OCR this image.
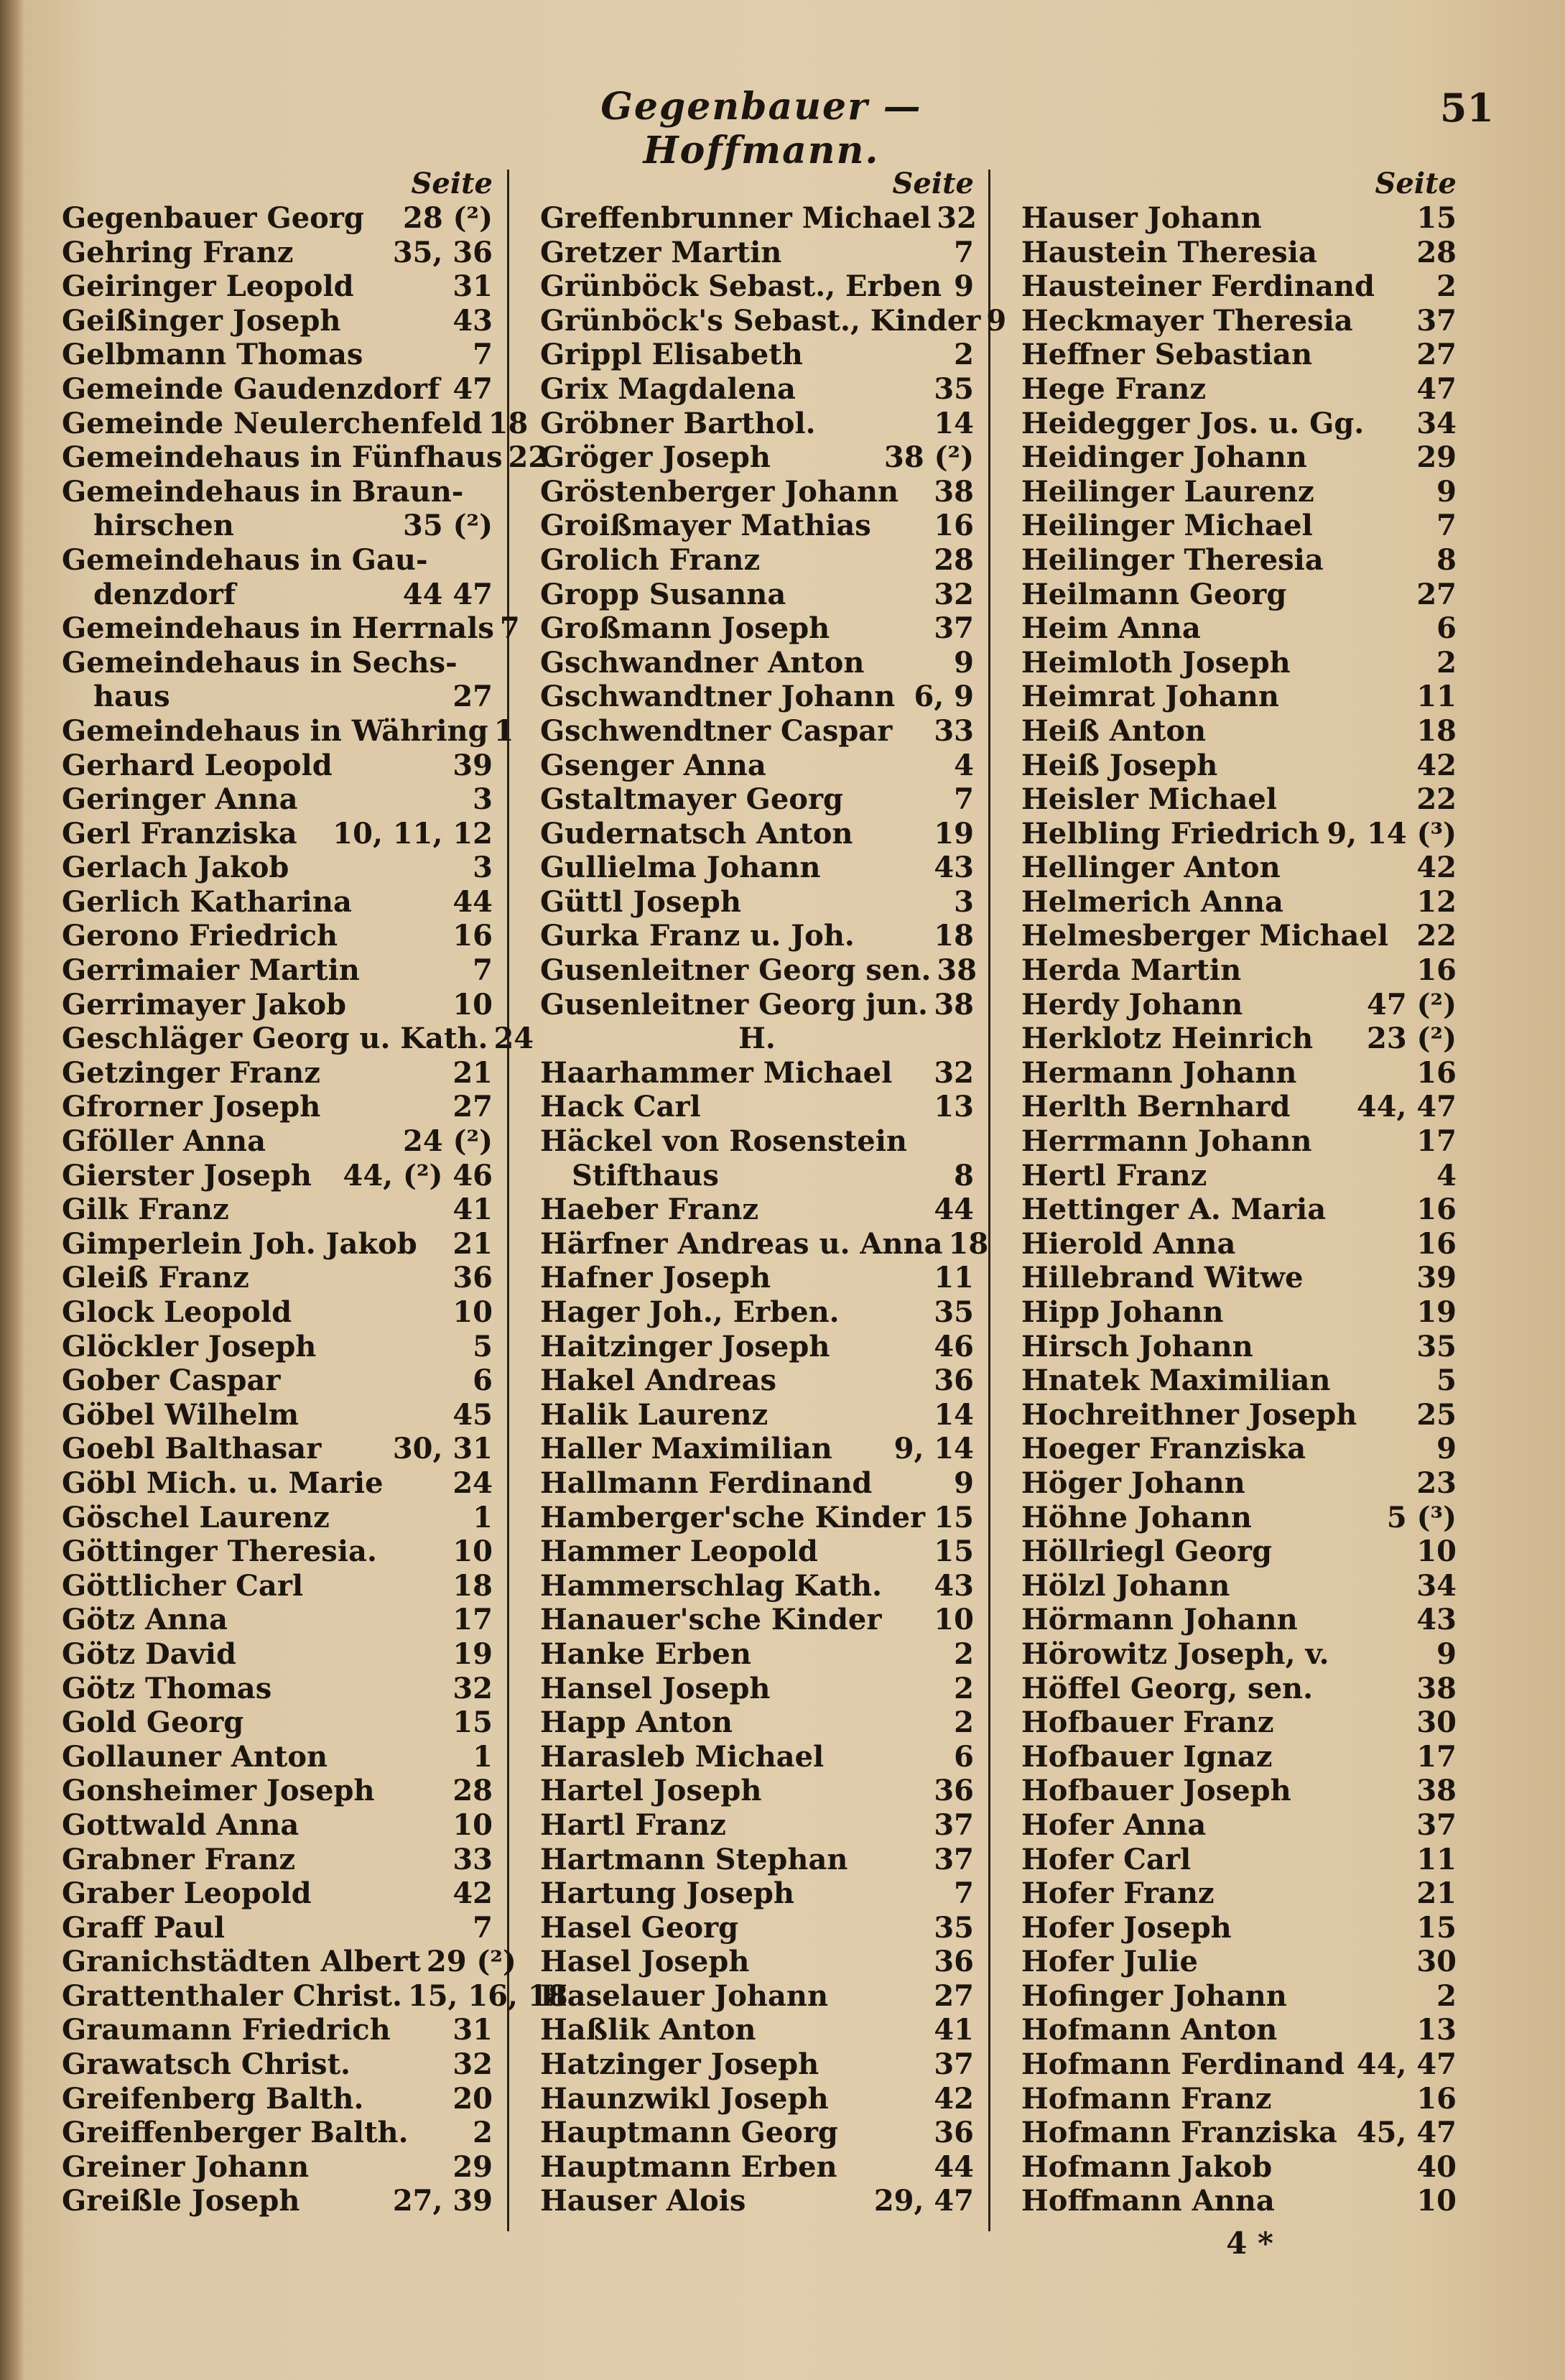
Gegenbauer — Hoffmann.
51
Seite
Gegenbauer Georg 28 (²)
Gehring Franz	35, 36
Geiringer Leopold	31
Geißinger Joseph	43
Gelbmann Thomas	7
Gemeinde Gaudenzdorf 47
Gemeinde Neulerchenfeld 18
Gemeindehaus in Fünfhaus 22
Gemeindehaus in Braun-
hirschen	35 (²)
Gemeindehaus in Gau-
denzdorf	44 47
Gemeindehaus in Herrnals 7
Gemeindehaus in Sechs-
haus	27
Gemeindehaus in Währing 1
Gerhard Leopold	39
Geringer Anna	3
Gerl Franziska 10, 11, 12
Gerlach Jakob	3
Gerlich Katharina	44
Gerono Friedrich	16
Gerrimaier Martin	7
Gerrimayer Jakob	10
Geschläger Georg u. Kath. 24
Getzinger Franz	21
Gfrorner Joseph	27
Gföller Anna	24 (²)
Gierster Joseph 44, (²) 46
Gilk Franz	41
Gimperlein Joh. Jakob 21
Gleiß Franz	36
Glock Leopold	10
Glöckler Joseph	5
Gober Caspar	6
Göbel Wilhelm	45
Goebl Balthasar 30, 31
Göbl Mich. u. Marie 24
Göschel Laurenz	1
Göttinger Theresia.	10
Göttlicher Carl	18
Götz Anna	17
Götz David	19
Götz Thomas	32
Gold Georg	15
Gollauner Anton	1
Gonsheimer Joseph	28
Gottwald Anna	10
Grabner Franz	33
Graber Leopold	42
Graff Paul	7
Granichstädten Albert 29 (²)
Grattenthaler Christ. 15, 16, 18
Graumann Friedrich 31
Grawatsch Christ.	32
Greifenberg Balth.	20
Greiffenberger Balth. 2
Greiner Johann	29
Greißle Joseph	27, 39
Seite
Greffenbrunner Michael 32
Gretzer Martin	7
Grünböck Sebast., Erben 9
Grünböck's Sebast., Kinder 9
Grippl Elisabeth	2
Grix Magdalena	35
Gröbner Barthol.	14
Gröger Joseph	38 (²)
Gröstenberger Johann 38
Groißmayer Mathias 16
Grolich Franz	28
Gropp Susanna	32
Großmann Joseph	37
Gschwandner Anton	9
Gschwandtner Johann 6, 9
Gschwendtner Caspar 33
Gsenger Anna	4
Gstaltmayer Georg	7
Gudernatsch Anton	19
Gullielma Johann	43
Güttl Joseph	3
Gurka Franz u. Joh.	18
Gusenleitner Georg sen. 38
Gusenleitner Georg jun. 38
H.
Haarhammer Michael 32
Hack Carl	13
Häckel von Rosenstein
Stifthaus	8
Haeber Franz	44
Härfner Andreas u. Anna 18
Hafner Joseph	11
Hager Joh., Erben.	35
Haitzinger Joseph	46
Hakel Andreas	36
Halik Laurenz	14
Haller Maximilian 9, 14
Hallmann Ferdinand	9
Hamberger'sche Kinder 15
Hammer Leopold	15
Hammerschlag Kath. 43
Hanauer'sche Kinder 10
Hanke Erben	2
Hansel Joseph	2
Happ Anton	2
Harasleb Michael	6
Hartel Joseph	36
Hartl Franz	37
Hartmann Stephan	37
Hartung Joseph	7
Hasel Georg	35
Hasel Joseph	36
Haselauer Johann	27
Haßlik Anton	41
Hatzinger Joseph	37
Haunzwikl Joseph	42
Hauptmann Georg	36
Hauptmann Erben	44
Hauser Alois	29, 47
Seite
Hauser Johann	15
Haustein Theresia	28
Hausteiner Ferdinand 2
Heckmayer Theresia 37
Heffner Sebastian	27
Hege Franz	47
Heidegger Jos. u. Gg. 34
Heidinger Johann	29
Heilinger Laurenz	9
Heilinger Michael	7
Heilinger Theresia	8
Heilmann Georg	27
Heim Anna	6
Heimloth Joseph	2
Heimrat Johann	11
Heiß Anton	18
Heiß Joseph	42
Heisler Michael	22
Helbling Friedrich 9, 14 (³)
Hellinger Anton	42
Helmerich Anna	12
Helmesberger Michael 22
Herda Martin	16
Herdy Johann	47 (²)
Herklotz Heinrich 23 (²)
Hermann Johann	16
Herlth Bernhard 44, 47
Herrmann Johann	17
Hertl Franz	4
Hettinger A. Maria	16
Hierold Anna	16
Hillebrand Witwe	39
Hipp Johann	19
Hirsch Johann	35
Hnatek Maximilian	5
Hochreithner Joseph 25
Hoeger Franziska	9
Höger Johann	23
Höhne Johann	5 (³)
Höllriegl Georg	10
Hölzl Johann	34
Hörmann Johann	43
Hörowitz Joseph, v.	9
Höffel Georg, sen.	38
Hofbauer Franz	30
Hofbauer Ignaz	17
Hofbauer Joseph	38
Hofer Anna	37
Hofer Carl	11
Hofer Franz	21
Hofer Joseph	15
Hofer Julie	30
Hofinger Johann	2
Hofmann Anton	13
Hofmann Ferdinand 44, 47
Hofmann Franz	16
Hofmann Franziska 45, 47
Hofmann Jakob	40
Hoffmann Anna	10
4 *
